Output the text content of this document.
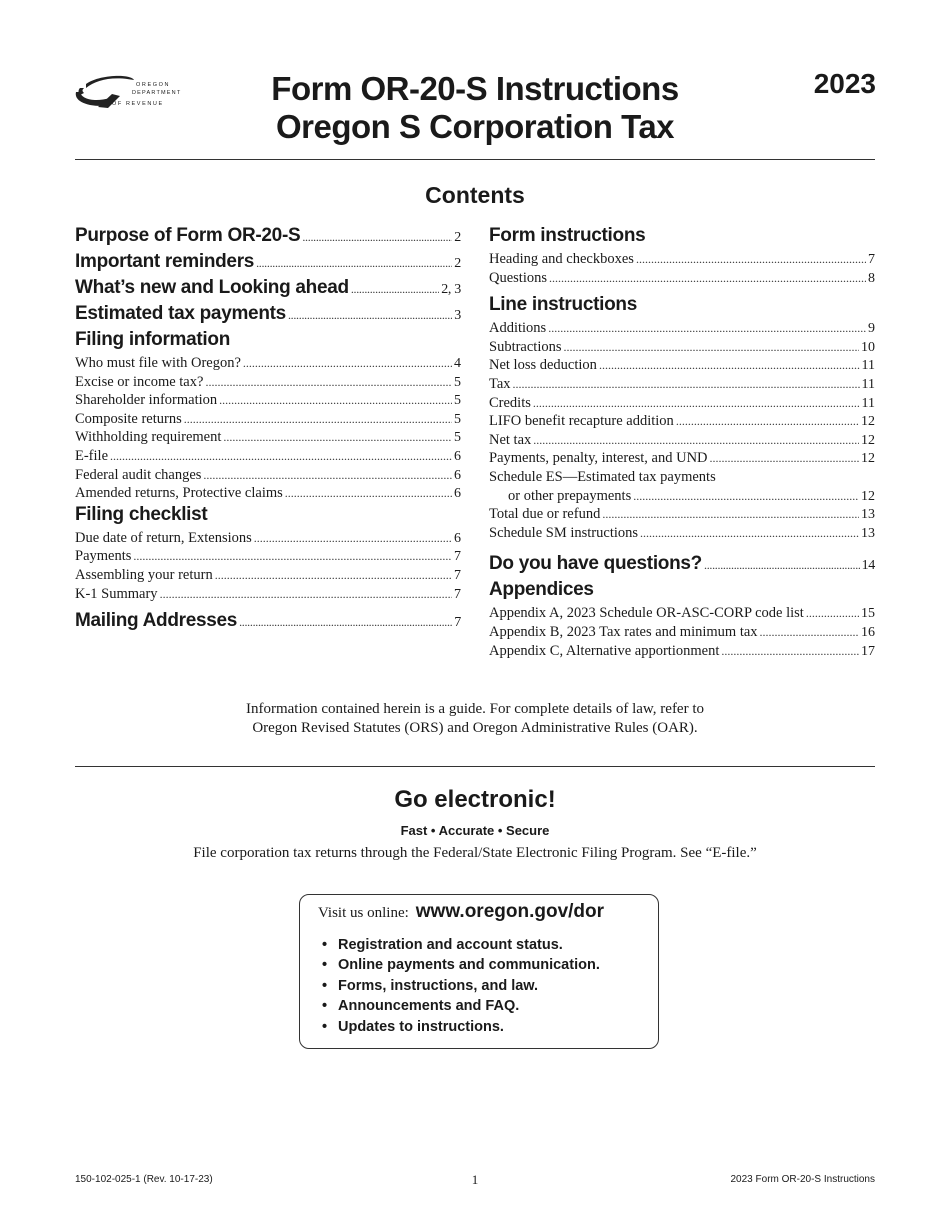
OREGON
DEPARTMENT
OF REVENUE	Form OR-20-S Instructions
Oregon S Corporation Tax
2023
Contents
Purpose of Form OR-20-S .....	2
Important reminders .....	2
What’s new and Looking ahead .....	2, 3
Estimated tax payments .....	3
Filing information
Who must file with Oregon? .....	4
Excise or income tax? .....	5
Shareholder information .....	5
Composite returns .....	5
Withholding requirement .....	5
E-file .....	6
Federal audit changes .....	6
Amended returns, Protective claims .....	6
Filing checklist
Due date of return, Extensions .....	6
Payments .....	7
Assembling your return .....	7
K-1 Summary .....	7
Mailing Addresses .....	7
Form instructions
Heading and checkboxes .....	7
Questions .....	8
Line instructions
Additions .....	9
Subtractions .....	10
Net loss deduction .....	11
Tax .....	11
Credits .....	11
LIFO benefit recapture addition .....	12
Net tax .....	12
Payments, penalty, interest, and UND .....	12
Schedule ES—Estimated tax payments
or other prepayments .....	12
Total due or refund .....	13
Schedule SM instructions .....	13
Do you have questions? .....	14
Appendices
Appendix A, 2023 Schedule OR-ASC-CORP code list .....	15
Appendix B, 2023 Tax rates and minimum tax .....	16
Appendix C, Alternative apportionment .....	17
Information contained herein is a guide. For complete details of law, refer to
Oregon Revised Statutes (ORS) and Oregon Administrative Rules (OAR).
Go electronic!
Fast • Accurate • Secure
File corporation tax returns through the Federal/State Electronic Filing Program. See “E-file.”
Visit us online: www.oregon.gov/dor
• Registration and account status.
• Online payments and communication.
• Forms, instructions, and law.
• Announcements and FAQ.
• Updates to instructions.
150-102-025-1 (Rev. 10-17-23)	1	2023 Form OR-20-S Instructions
